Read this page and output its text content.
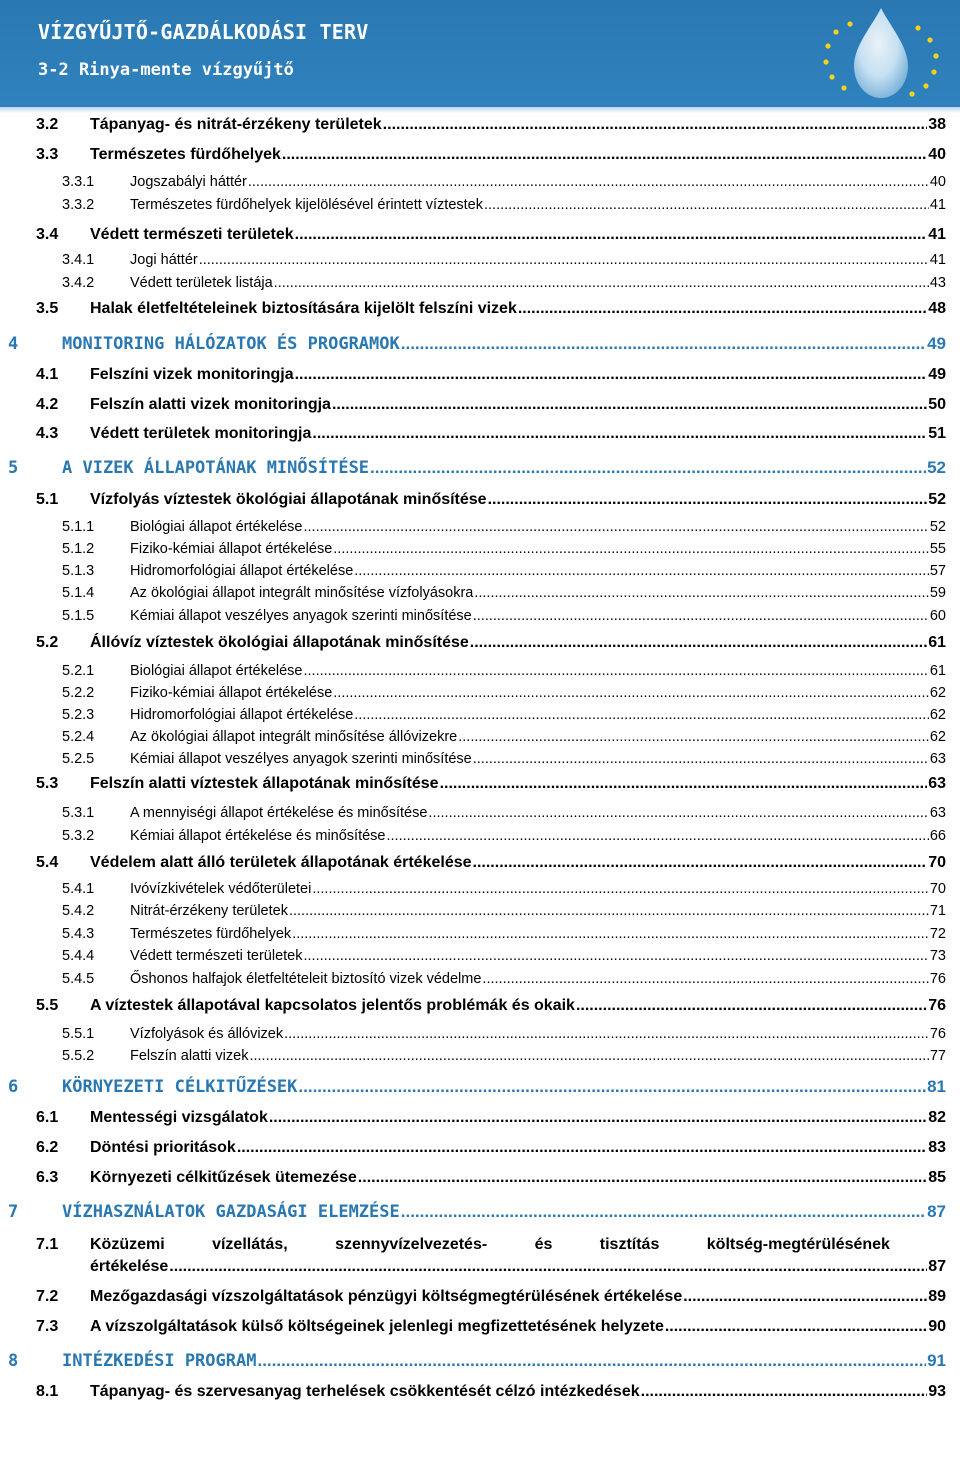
VÍZGYŰJTŐ-GAZDÁLKODÁSI TERV
3-2 Rinya-mente vízgyűjtő
3.2 Tápanyag- és nitrát-érzékeny területek .....	38
3.3 Természetes fürdőhelyek .....	40
3.3.1 Jogszabályi háttér .....	40
3.3.2 Természetes fürdőhelyek kijelölésével érintett víztestek .....	41
3.4 Védett természeti területek .....	41
3.4.1 Jogi háttér .....	41
3.4.2 Védett területek listája .....	43
3.5 Halak életfeltételeinek biztosítására kijelölt felszíni vizek .....	48
4	MONITORING HÁLÓZATOK ÉS PROGRAMOK .....	49
4.1 Felszíni vizek monitoringja .....	49
4.2 Felszín alatti vizek monitoringja .....	50
4.3 Védett területek monitoringja .....	51
5	A VIZEK ÁLLAPOTÁNAK MINŐSÍTÉSE .....	52
5.1 Vízfolyás víztestek ökológiai állapotának minősítése .....	52
5.1.1 Biológiai állapot értékelése .....	52
5.1.2 Fiziko-kémiai állapot értékelése .....	55
5.1.3 Hidromorfológiai állapot értékelése .....	57
5.1.4 Az ökológiai állapot integrált minősítése vízfolyásokra .....	59
5.1.5 Kémiai állapot veszélyes anyagok szerinti minősítése .....	60
5.2 Állóvíz víztestek ökológiai állapotának minősítése .....	61
5.2.1 Biológiai állapot értékelése .....	61
5.2.2 Fiziko-kémiai állapot értékelése .....	62
5.2.3 Hidromorfológiai állapot értékelése .....	62
5.2.4 Az ökológiai állapot integrált minősítése állóvizekre .....	62
5.2.5 Kémiai állapot veszélyes anyagok szerinti minősítése .....	63
5.3 Felszín alatti víztestek állapotának minősítése .....	63
5.3.1 A mennyiségi állapot értékelése és minősítése .....	63
5.3.2 Kémiai állapot értékelése és minősítése .....	66
5.4 Védelem alatt álló területek állapotának értékelése .....	70
5.4.1 Ivóvízkivételek védőterületei .....	70
5.4.2 Nitrát-érzékeny területek .....	71
5.4.3 Természetes fürdőhelyek .....	72
5.4.4 Védett természeti területek .....	73
5.4.5 Őshonos halfajok életfeltételeit biztosító vizek védelme .....	76
5.5 A víztestek állapotával kapcsolatos jelentős problémák és okaik .....	76
5.5.1 Vízfolyások és állóvizek .....	76
5.5.2 Felszín alatti vizek .....	77
6	KÖRNYEZETI CÉLKITŰZÉSEK .....	81
6.1 Mentességi vizsgálatok .....	82
6.2 Döntési prioritások .....	83
6.3 Környezeti célkitűzések ütemezése .....	85
7	VÍZHASZNÁLATOK GAZDASÁGI ELEMZÉSE .....	87
7.1 Közüzemi	vízellátás,	szennyvízelvezetés-	és	tisztítás	költség-megtérülésének
értékelése .....	87
7.2 Mezőgazdasági vízszolgáltatások pénzügyi költségmegtérülésének értékelése .....	89
7.3 A vízszolgáltatások külső költségeinek jelenlegi megfizettetésének helyzete .....	90
8	INTÉZKEDÉSI PROGRAM .....	91
8.1 Tápanyag- és szervesanyag terhelések csökkentését célzó intézkedések .....	93
